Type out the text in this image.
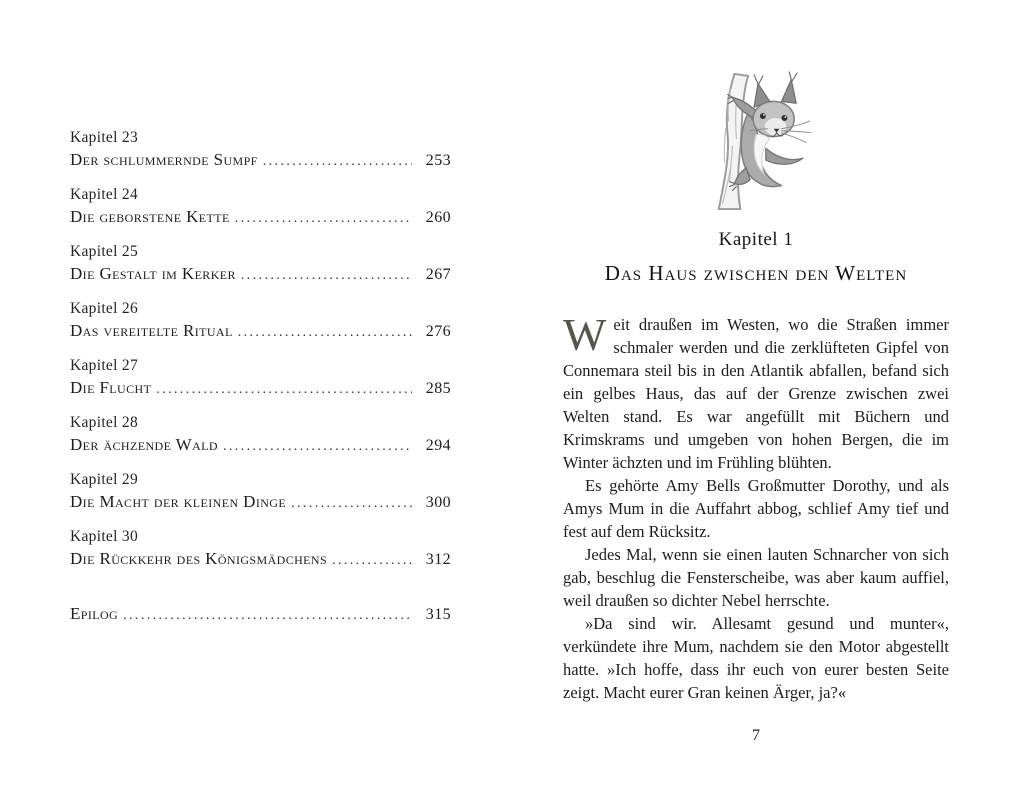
Kapitel 23
Der schlummernde Sumpf .....	253
Kapitel 24
Die geborstene Kette .....	260
Kapitel 25
Die Gestalt im Kerker .....	267
Kapitel 26
Das vereitelte Ritual .....	276
Kapitel 27
Die Flucht .....	285
Kapitel 28
Der ächzende Wald .....	294
Kapitel 29
Die Macht der kleinen Dinge .....	300
Kapitel 30
Die Rückkehr des Königsmädchens .....	312
Epilog .....	315
Kapitel 1
Das Haus zwischen den Welten

Weit draußen im Westen, wo die Straßen immer schmaler werden und die zerklüfteten Gipfel von Connemara steil bis in den Atlantik abfallen, befand sich ein gelbes Haus, das auf der Grenze zwischen zwei Welten stand. Es war angefüllt mit Büchern und Krimskrams und umgeben von hohen Bergen, die im Winter ächzten und im Frühling blühten.

Es gehörte Amy Bells Großmutter Dorothy, und als Amys Mum in die Auffahrt abbog, schlief Amy tief und fest auf dem Rücksitz.

Jedes Mal, wenn sie einen lauten Schnarcher von sich gab, beschlug die Fensterscheibe, was aber kaum auffiel, weil draußen so dichter Nebel herrschte.

»Da sind wir. Allesamt gesund und munter«, verkündete ihre Mum, nachdem sie den Motor abgestellt hatte. »Ich hoffe, dass ihr euch von eurer besten Seite zeigt. Macht eurer Gran keinen Ärger, ja?«

7
